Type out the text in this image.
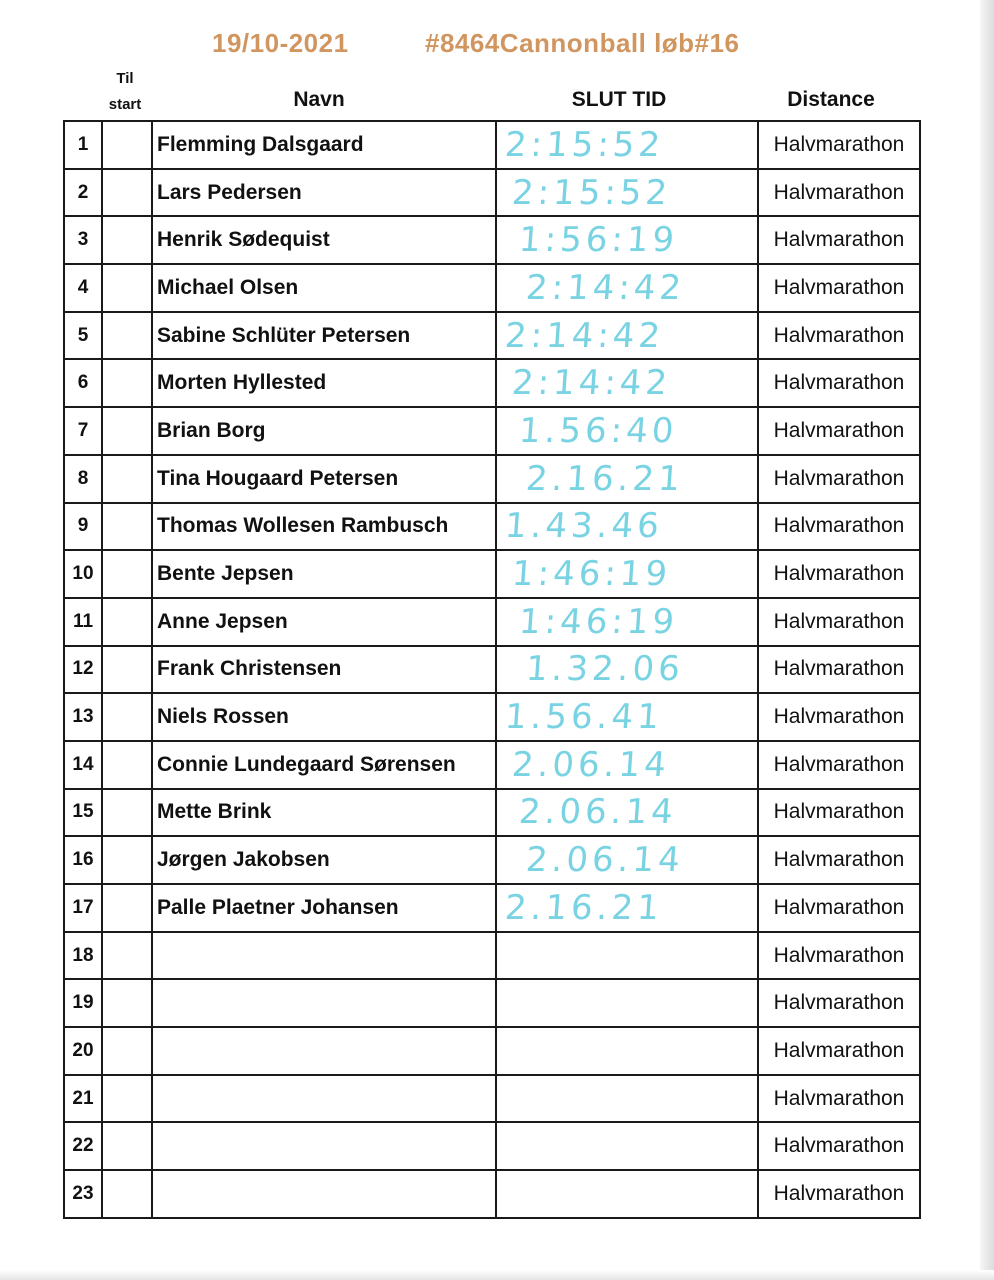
19/10-2021	#8464Cannonball løb#16
Til start	Navn	SLUT TID	Distance
1		Flemming Dalsgaard	2:15:52	Halvmarathon
2		Lars Pedersen	2:15:52	Halvmarathon
3		Henrik Sødequist	1:56:19	Halvmarathon
4		Michael Olsen	2:14:42	Halvmarathon
5		Sabine Schlüter Petersen	2:14:42	Halvmarathon
6		Morten Hyllested	2:14:42	Halvmarathon
7		Brian Borg	1.56:40	Halvmarathon
8		Tina Hougaard Petersen	2.16.21	Halvmarathon
9		Thomas Wollesen Rambusch	1.43.46	Halvmarathon
10		Bente Jepsen	1:46:19	Halvmarathon
11		Anne Jepsen	1:46:19	Halvmarathon
12		Frank Christensen	1.32.06	Halvmarathon
13		Niels Rossen	1.56.41	Halvmarathon
14		Connie Lundegaard Sørensen	2.06.14	Halvmarathon
15		Mette Brink	2.06.14	Halvmarathon
16		Jørgen Jakobsen	2.06.14	Halvmarathon
17		Palle Plaetner Johansen	2.16.21	Halvmarathon
18				Halvmarathon
19				Halvmarathon
20				Halvmarathon
21				Halvmarathon
22				Halvmarathon
23				Halvmarathon
